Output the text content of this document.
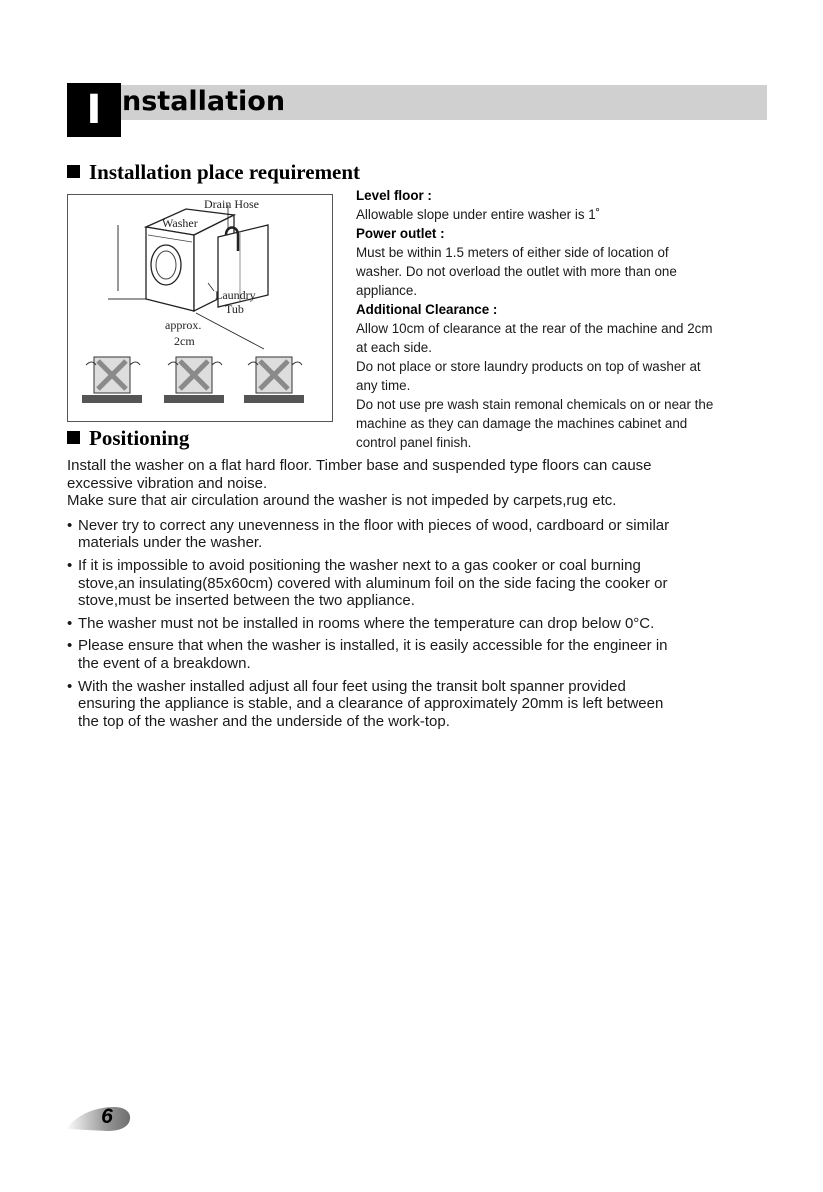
I nstallation
Installation place requirement
Drain Hose
Washer
Laundry
Tub
approx.
2cm

Level floor :

Allowable slope under entire washer is 1˚

Power outlet :

Must be within 1.5 meters of either side of location of

washer. Do not overload the outlet with more than one

appliance.

Additional Clearance :

Allow 10cm of clearance at the rear of the machine and 2cm

at each side.

Do not place or store laundry products on top of washer at

any time.

Do not use pre wash stain remonal chemicals on or near the

machine as they can damage the machines cabinet and

control panel finish.

Positioning

Install the washer on a flat hard floor. Timber base and suspended type floors can cause

excessive vibration and noise.

Make sure that air circulation around the washer is not impeded by carpets,rug etc.

• Never try to correct any unevenness in the floor with pieces of wood, cardboard or similar

materials under the washer.

• If it is impossible to avoid positioning the washer next to a gas cooker or coal burning

stove,an insulating(85x60cm) covered with aluminum foil on the side facing the cooker or

stove,must be inserted between the two appliance.

• The washer must not be installed in rooms where the temperature can drop below 0°C.

• Please ensure that when the washer is installed, it is easily accessible for the engineer in

the event of a breakdown.

• With the washer installed adjust all four feet using the transit bolt spanner provided

ensuring the appliance is stable, and a clearance of approximately 20mm is left between

the top of the washer and the underside of the work-top.

6
